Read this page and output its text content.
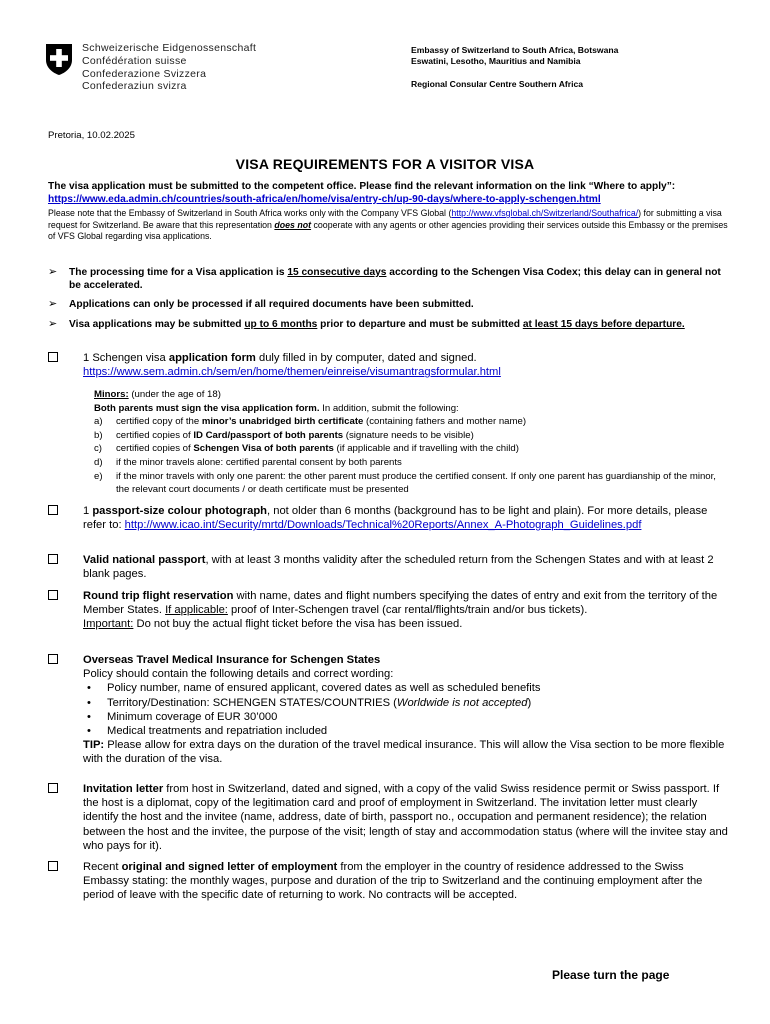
Schweizerische Eidgenossenschaft
Confédération suisse
Confederazione Svizzera
Confederaziun svizra
Embassy of Switzerland to South Africa, Botswana
Eswatini, Lesotho, Mauritius and Namibia
Regional Consular Centre Southern Africa
Pretoria, 10.02.2025
VISA REQUIREMENTS FOR A VISITOR VISA
The visa application must be submitted to the competent office. Please find the relevant information on the link “Where to apply”: https://www.eda.admin.ch/countries/south-africa/en/home/visa/entry-ch/up-90-days/where-to-apply-schengen.html
Please note that the Embassy of Switzerland in South Africa works only with the Company VFS Global (http://www.vfsglobal.ch/Switzerland/Southafrica/) for submitting a visa request for Switzerland. Be aware that this representation does not cooperate with any agents or other agencies providing their services outside this Embassy or the premises of VFS Global regarding visa applications.
➢ The processing time for a Visa application is 15 consecutive days according to the Schengen Visa Codex; this delay can in general not be accelerated.
➢ Applications can only be processed if all required documents have been submitted.
➢ Visa applications may be submitted up to 6 months prior to departure and must be submitted at least 15 days before departure.
1 Schengen visa application form duly filled in by computer, dated and signed.
https://www.sem.admin.ch/sem/en/home/themen/einreise/visumantragsformular.html
Minors: (under the age of 18)
Both parents must sign the visa application form. In addition, submit the following:
a) certified copy of the minor’s unabridged birth certificate (containing fathers and mother name)
b) certified copies of ID Card/passport of both parents (signature needs to be visible)
c) certified copies of Schengen Visa of both parents (if applicable and if travelling with the child)
d) if the minor travels alone: certified parental consent by both parents
e) if the minor travels with only one parent: the other parent must produce the certified consent. If only one parent has guardianship of the minor, the relevant court documents / or death certificate must be presented
1 passport-size colour photograph, not older than 6 months (background has to be light and plain). For more details, please refer to: http://www.icao.int/Security/mrtd/Downloads/Technical%20Reports/Annex_A-Photograph_Guidelines.pdf
Valid national passport, with at least 3 months validity after the scheduled return from the Schengen States and with at least 2 blank pages.
Round trip flight reservation with name, dates and flight numbers specifying the dates of entry and exit from the territory of the Member States. If applicable: proof of Inter-Schengen travel (car rental/flights/train and/or bus tickets).
Important: Do not buy the actual flight ticket before the visa has been issued.
Overseas Travel Medical Insurance for Schengen States
Policy should contain the following details and correct wording:
• Policy number, name of ensured applicant, covered dates as well as scheduled benefits
• Territory/Destination: SCHENGEN STATES/COUNTRIES (Worldwide is not accepted)
• Minimum coverage of EUR 30’000
• Medical treatments and repatriation included
TIP: Please allow for extra days on the duration of the travel medical insurance. This will allow the Visa section to be more flexible with the duration of the visa.
Invitation letter from host in Switzerland, dated and signed, with a copy of the valid Swiss residence permit or Swiss passport. If the host is a diplomat, copy of the legitimation card and proof of employment in Switzerland. The invitation letter must clearly identify the host and the invitee (name, address, date of birth, passport no., occupation and permanent residence); the relation between the host and the invitee, the purpose of the visit; length of stay and accommodation status (where will the invitee stay and who pays for it).
Recent original and signed letter of employment from the employer in the country of residence addressed to the Swiss Embassy stating: the monthly wages, purpose and duration of the trip to Switzerland and the continuing employment after the period of leave with the specific date of returning to work. No contracts will be accepted.
Please turn the page
